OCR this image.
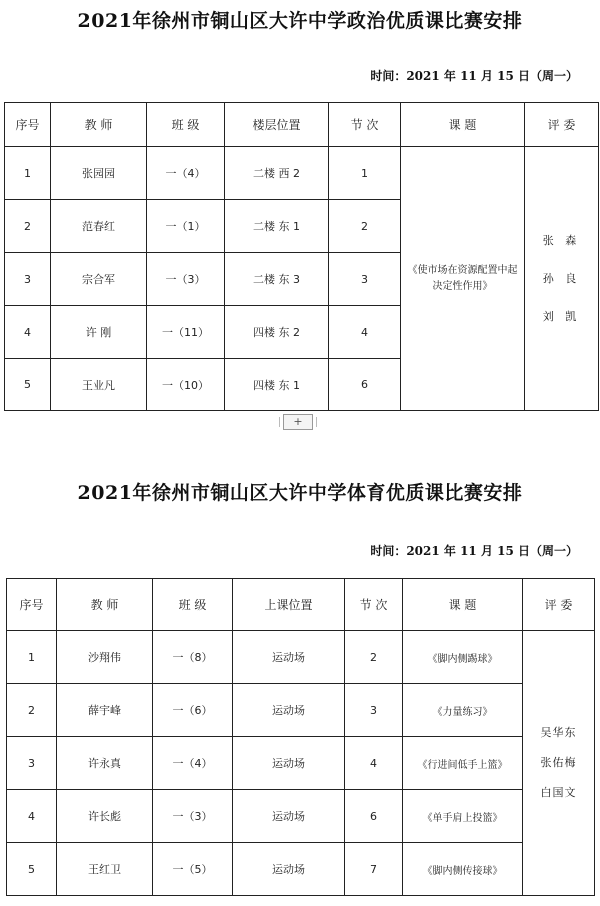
2021年徐州市铜山区大许中学政治优质课比赛安排
时间：2021 年 11 月 15 日（周一）
序号	教 师	班 级	楼层位置	节 次	课 题	评 委
1	张园园	一（4）	二楼 西 2	1	《使市场在资源配置中起决定性作用》	张 森
孙 良
刘 凯

2	范春红	一（1）	二楼 东 1	2		
3	宗合军	一（3）	二楼 东 3	3		
4	许 刚	一（11）	四楼 东 2	4		
5	王业凡	一（10）	四楼 东 1	6		
+
2021年徐州市铜山区大许中学体育优质课比赛安排
时间：2021 年 11 月 15 日（周一）
序号	教 师	班 级	上课位置	节 次	课 题	评 委
1	沙翔伟	一（8）	运动场	2	《脚内侧踢球》	吴华东
张佑梅
白国文

2	薛宇峰	一（6）	运动场	3	《力量练习》	
3	许永真	一（4）	运动场	4	《行进间低手上篮》	
4	许长彪	一（3）	运动场	6	《单手肩上投篮》	
5	王红卫	一（5）	运动场	7	《脚内侧传接球》	
